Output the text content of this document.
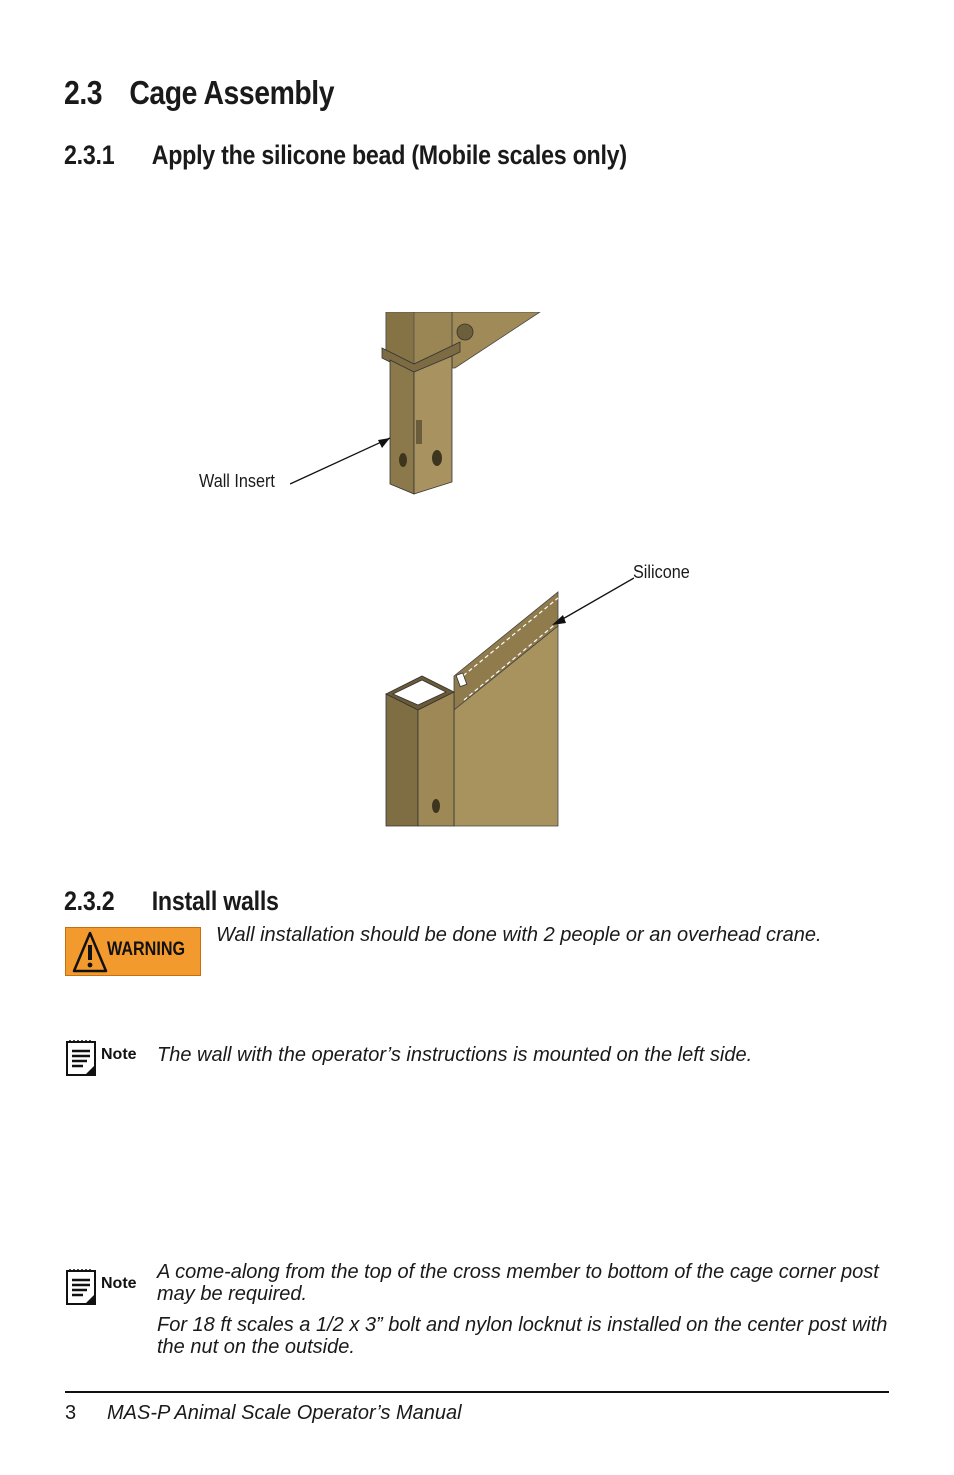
2.3 Cage Assembly
2.3.1 Apply the silicone bead (Mobile scales only)
Wall Insert
Silicone
2.3.2 Install walls
WARNING
Wall installation should be done with 2 people or an overhead crane.
Note The wall with the operator’s instructions is mounted on the left side.
Note
A come-along from the top of the cross member to bottom of the cage corner post may be required.
For 18 ft scales a 1/2 x 3” bolt and nylon locknut is installed on the center post with the nut on the outside.
3 MAS-P Animal Scale Operator’s Manual
